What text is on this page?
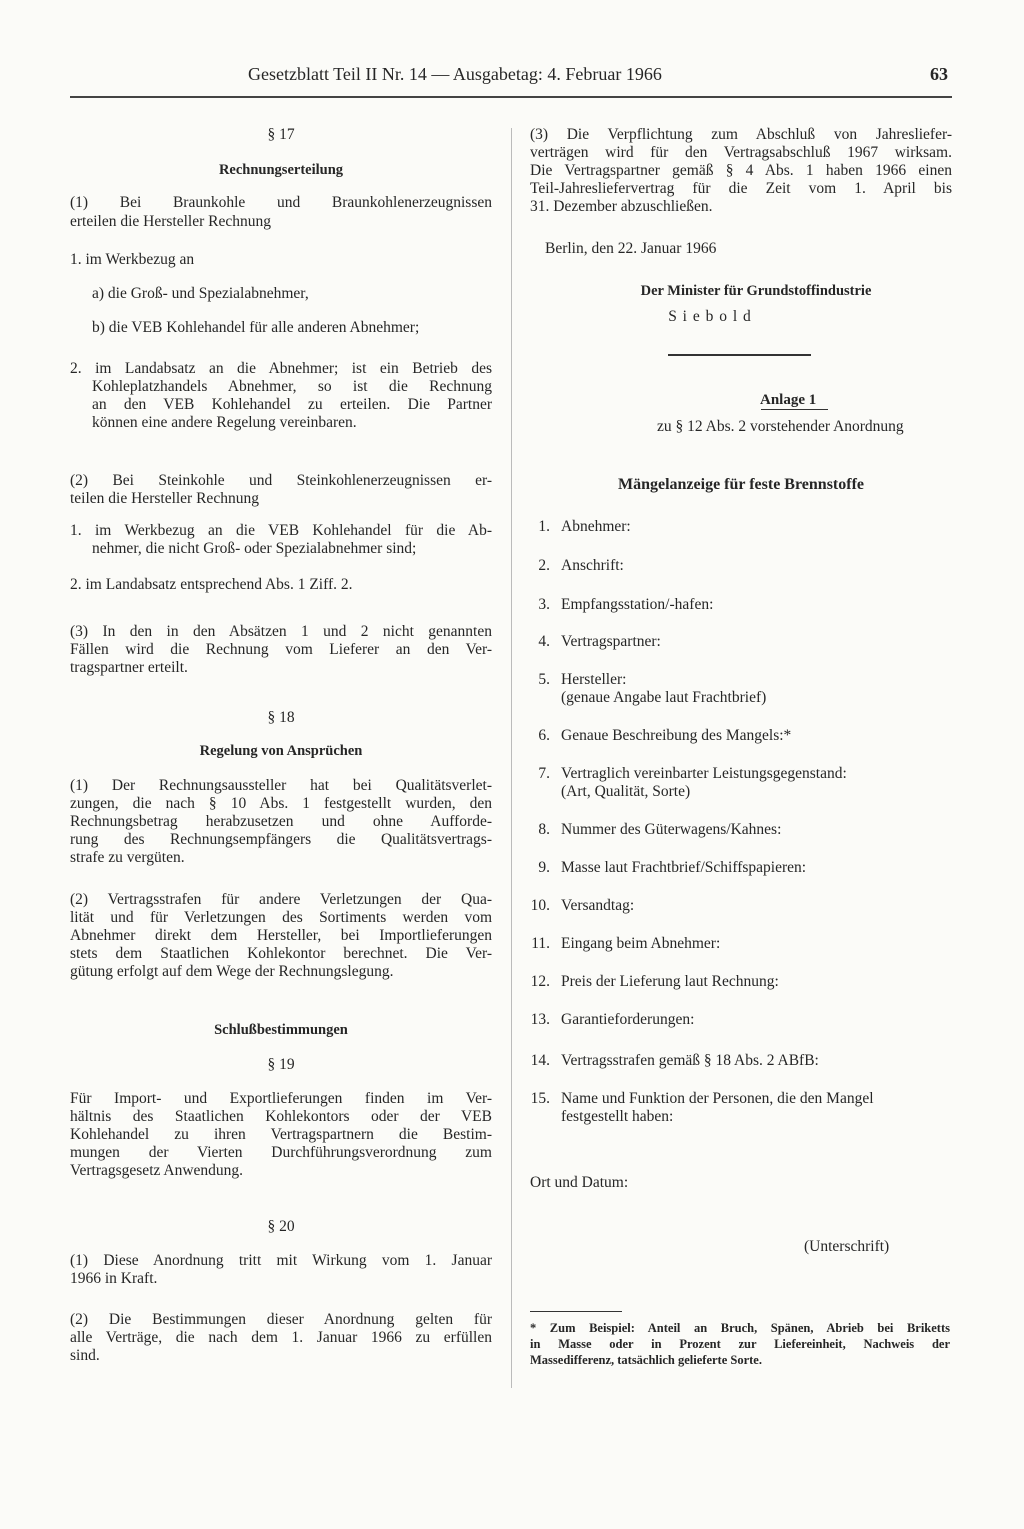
Gesetzblatt Teil II Nr. 14 — Ausgabetag: 4. Februar 1966	63
§ 17
Rechnungserteilung
(1) Bei Braunkohle und Braunkohlenerzeugnissen
erteilen die Hersteller Rechnung
1. im Werkbezug an
a) die Groß- und Spezialabnehmer,
b) die VEB Kohlehandel für alle anderen Abnehmer;
2. im Landabsatz an die Abnehmer; ist ein Betrieb des
Kohleplatzhandels Abnehmer, so ist die Rechnung
an den VEB Kohlehandel zu erteilen. Die Partner
können eine andere Regelung vereinbaren.
(2) Bei Steinkohle und Steinkohlenerzeugnissen er-
teilen die Hersteller Rechnung
1. im Werkbezug an die VEB Kohlehandel für die Ab-
nehmer, die nicht Groß- oder Spezialabnehmer sind;
2. im Landabsatz entsprechend Abs. 1 Ziff. 2.
(3) In den in den Absätzen 1 und 2 nicht genannten
Fällen wird die Rechnung vom Lieferer an den Ver-
tragspartner erteilt.
§ 18
Regelung von Ansprüchen
(1) Der Rechnungsaussteller hat bei Qualitätsverlet-
zungen, die nach § 10 Abs. 1 festgestellt wurden, den
Rechnungsbetrag herabzusetzen und ohne Aufforde-
rung des Rechnungsempfängers die Qualitätsvertrags-
strafe zu vergüten.
(2) Vertragsstrafen für andere Verletzungen der Qua-
lität und für Verletzungen des Sortiments werden vom
Abnehmer direkt dem Hersteller, bei Importlieferungen
stets dem Staatlichen Kohlekontor berechnet. Die Ver-
gütung erfolgt auf dem Wege der Rechnungslegung.
Schlußbestimmungen
§ 19
Für Import- und Exportlieferungen finden im Ver-
hältnis des Staatlichen Kohlekontors oder der VEB
Kohlehandel zu ihren Vertragspartnern die Bestim-
mungen der Vierten Durchführungsverordnung zum
Vertragsgesetz Anwendung.
§ 20
(1) Diese Anordnung tritt mit Wirkung vom 1. Januar
1966 in Kraft.
(2) Die Bestimmungen dieser Anordnung gelten für
alle Verträge, die nach dem 1. Januar 1966 zu erfüllen
sind.
(3) Die Verpflichtung zum Abschluß von Jahresliefer-
verträgen wird für den Vertragsabschluß 1967 wirksam.
Die Vertragspartner gemäß § 4 Abs. 1 haben 1966 einen
Teil-Jahresliefervertrag für die Zeit vom 1. April bis
31. Dezember abzuschließen.
Berlin, den 22. Januar 1966
Der Minister für Grundstoffindustrie
S i e b o l d
Anlage 1
zu § 12 Abs. 2 vorstehender Anordnung
Mängelanzeige für feste Brennstoffe
1. Abnehmer:
2. Anschrift:
3. Empfangsstation/-hafen:
4. Vertragspartner:
5. Hersteller:
(genaue Angabe laut Frachtbrief)
6. Genaue Beschreibung des Mangels:*
7. Vertraglich vereinbarter Leistungsgegenstand:
(Art, Qualität, Sorte)
8. Nummer des Güterwagens/Kahnes:
9. Masse laut Frachtbrief/Schiffspapieren:
10. Versandtag:
11. Eingang beim Abnehmer:
12. Preis der Lieferung laut Rechnung:
13. Garantieforderungen:
14. Vertragsstrafen gemäß § 18 Abs. 2 ABfB:
15. Name und Funktion der Personen, die den Mangel
festgestellt haben:
Ort und Datum:
(Unterschrift)
* Zum Beispiel: Anteil an Bruch, Spänen, Abrieb bei Briketts
in Masse oder in Prozent zur Liefereinheit, Nachweis der
Massedifferenz, tatsächlich gelieferte Sorte.
